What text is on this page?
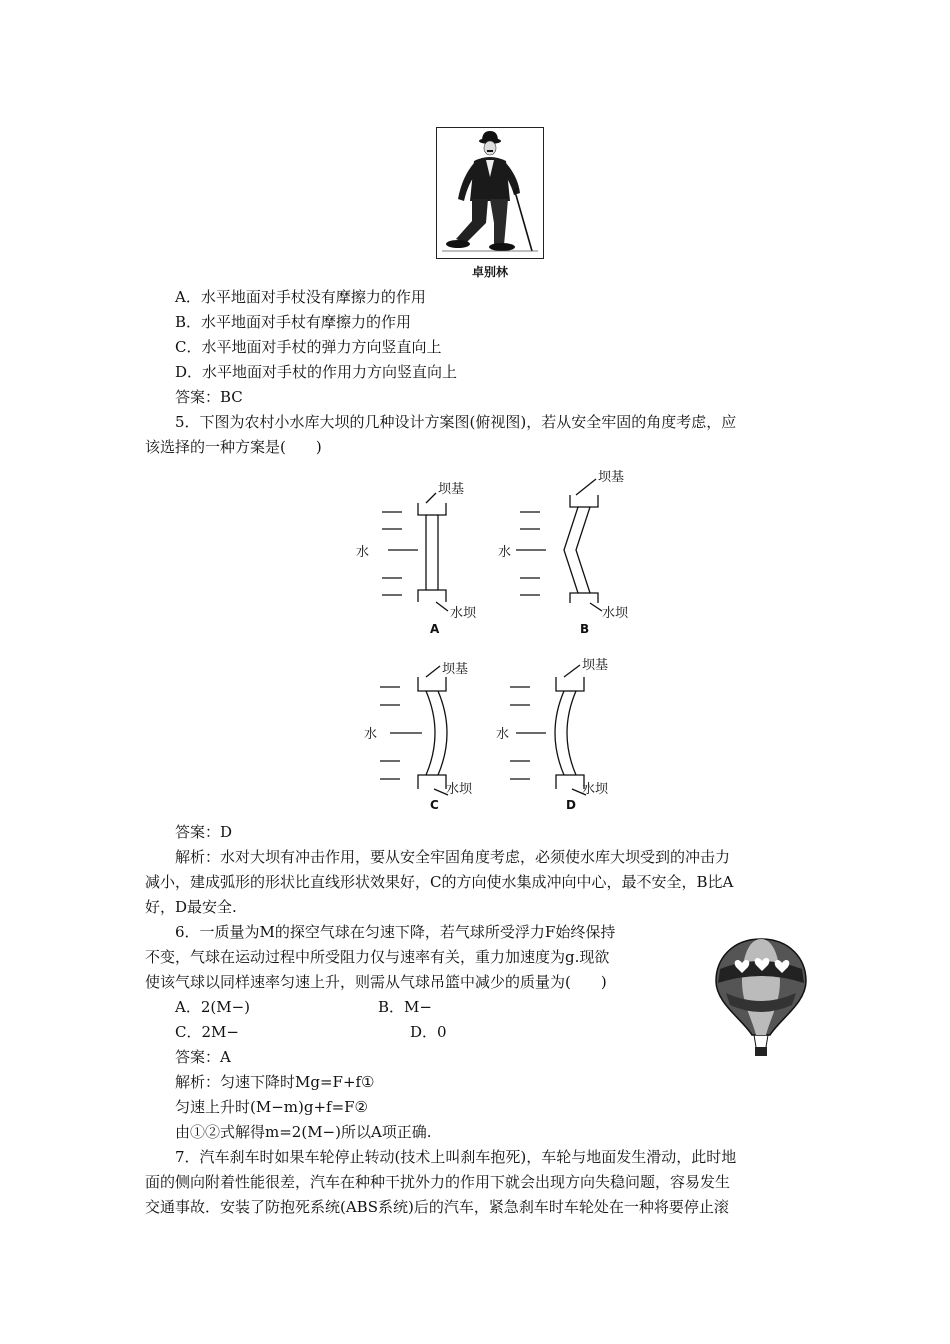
卓别林
A．水平地面对手杖没有摩擦力的作用
B．水平地面对手杖有摩擦力的作用
C．水平地面对手杖的弹力方向竖直向上
D．水平地面对手杖的作用力方向竖直向上
答案：BC
5．下图为农村小水库大坝的几种设计方案图(俯视图)，若从安全牢固的角度考虑，应
该选择的一种方案是(　　)
坝基
水
水坝
A
坝基
水
水坝
B
坝基
水
水坝
C
坝基
水
水坝
D
答案：D
解析：水对大坝有冲击作用，要从安全牢固角度考虑，必须使水库大坝受到的冲击力
减小，建成弧形的形状比直线形状效果好，C的方向使水集成冲向中心，最不安全，B比A
好，D最安全.
6．一质量为M的探空气球在匀速下降，若气球所受浮力F始终保持
不变，气球在运动过程中所受阻力仅与速率有关，重力加速度为g.现欲
使该气球以同样速率匀速上升，则需从气球吊篮中减少的质量为(　　)
A．2(M−)	B．M−
C．2M−	D．0
答案：A
解析：匀速下降时Mg=F+f①
匀速上升时(M−m)g+f=F②
由①②式解得m=2(M−)所以A项正确.
7．汽车刹车时如果车轮停止转动(技术上叫刹车抱死)，车轮与地面发生滑动，此时地
面的侧向附着性能很差，汽车在种种干扰外力的作用下就会出现方向失稳问题，容易发生
交通事故．安装了防抱死系统(ABS系统)后的汽车，紧急刹车时车轮处在一种将要停止滚
